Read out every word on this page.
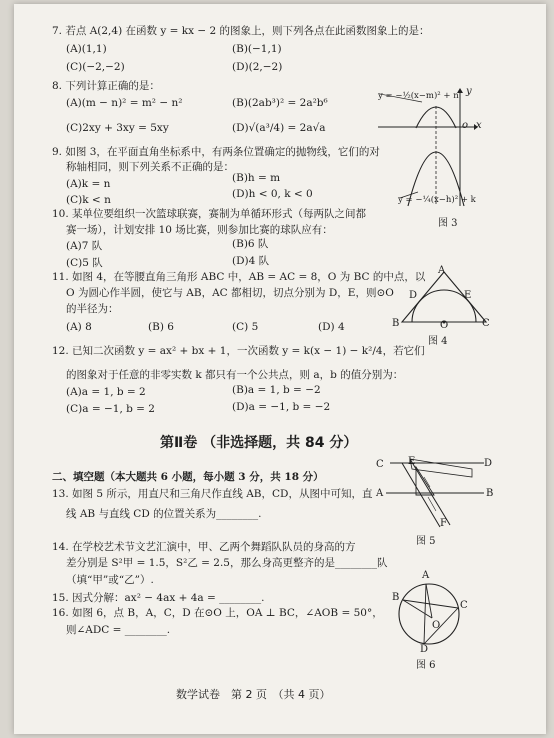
7. 若点 A(2,4) 在函数 y = kx − 2 的图象上，则下列各点在此函数图象上的是：
(A)(1,1)	(B)(−1,1)
(C)(−2,−2)	(D)(2,−2)
8. 下列计算正确的是：
(A)(m − n)² = m² − n²	(B)(2ab³)² = 2a²b⁶
(C)2xy + 3xy = 5xy	(D)√(a³/4) = 2a√a
9. 如图 3，在平面直角坐标系中，有两条位置确定的抛物线，它们的对
称轴相同，则下列关系不正确的是：
(A)k = n	(B)h = m
(C)k < n	(D)h < 0, k < 0
10. 某单位要组织一次篮球联赛，赛制为单循环形式（每两队之间都
赛一场），计划安排 10 场比赛，则参加比赛的球队应有：
(A)7 队	(B)6 队
(C)5 队	(D)4 队
11. 如图 4，在等腰直角三角形 ABC 中，AB = AC = 8，O 为 BC 的中点，以
O 为圆心作半圆，使它与 AB，AC 都相切，切点分别为 D，E，则⊙O
的半径为：
(A) 8	(B) 6	(C) 5	(D) 4
12. 已知二次函数 y = ax² + bx + 1，一次函数 y = k(x − 1) − k²/4，若它们
的图象对于任意的非零实数 k 都只有一个公共点，则 a，b 的值分别为：
(A)a = 1, b = 2	(B)a = 1, b = −2
(C)a = −1, b = 2	(D)a = −1, b = −2
第Ⅱ卷 （非选择题，共 84 分）
二、填空题（本大题共 6 小题，每小题 3 分，共 18 分）
13. 如图 5 所示，用直尺和三角尺作直线 AB，CD，从图中可知，直
线 AB 与直线 CD 的位置关系为________.
14. 在学校艺术节文艺汇演中，甲、乙两个舞蹈队队员的身高的方
差分别是 S²甲 = 1.5，S²乙 = 2.5，那么身高更整齐的是________队
（填“甲”或“乙”）.
15. 因式分解：ax² − 4ax + 4a = ________.
16. 如图 6，点 B，A，C，D 在⊙O 上，OA ⊥ BC，∠AOB = 50°，
则∠ADC = ________.
y = −½(x−m)² + n
y = −¼(x−h)² + k
y
x
o
图 3
A
D	E
B	O	C
图 4
C E	D
A	B
F
图 5
A
B
C
O
D
图 6
数学试卷　第 2 页　（共 4 页）
